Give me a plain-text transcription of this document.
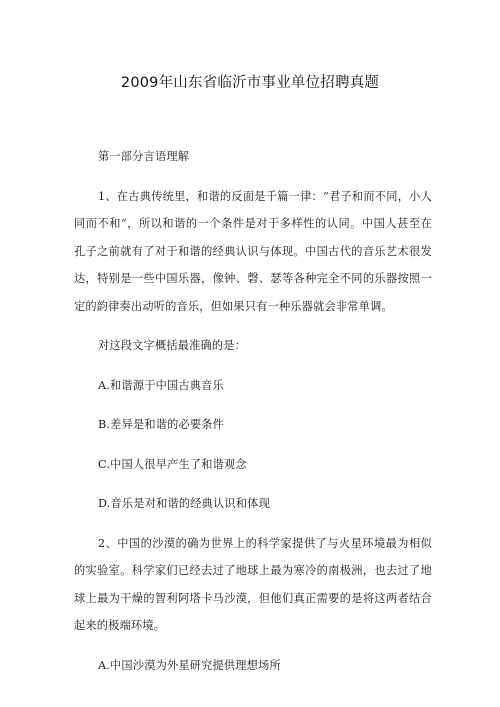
2009年山东省临沂市事业单位招聘真题

第一部分言语理解

1、在古典传统里，和谐的反面是千篇一律：“君子和而不同，小人同而不和“，所以和谐的一个条件是对于多样性的认同。中国人甚至在孔子之前就有了对于和谐的经典认识与体现。中国古代的音乐艺术很发达，特别是一些中国乐器，像钟、磬、瑟等各种完全不同的乐器按照一定的韵律奏出动听的音乐，但如果只有一种乐器就会非常单调。

对这段文字概括最准确的是：

A.和谐源于中国古典音乐

B.差异是和谐的必要条件

C.中国人很早产生了和谐观念

D.音乐是对和谐的经典认识和体现

2、中国的沙漠的确为世界上的科学家提供了与火星环境最为相似的实验室。科学家们已经去过了地球上最为寒冷的南极洲，也去过了地球上最为干燥的智利阿塔卡马沙漠，但他们真正需要的是将这两者结合起来的极端环境。

A.中国沙漠为外星研究提供理想场所
